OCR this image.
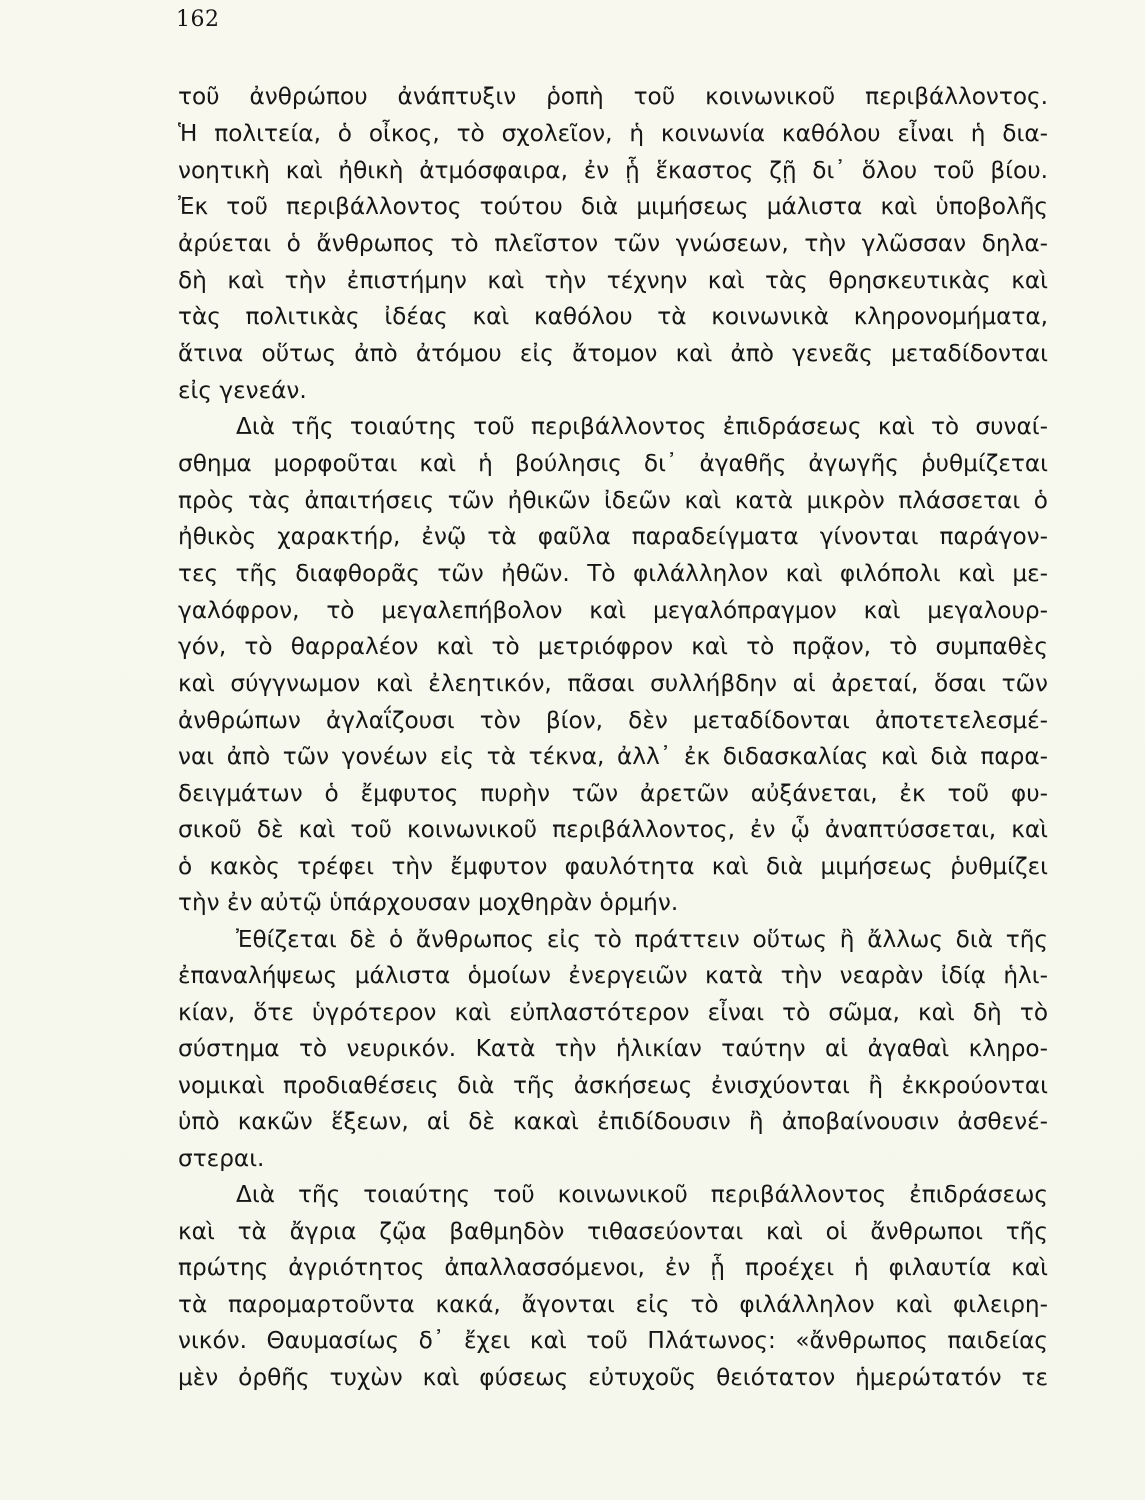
162
τοῦ ἀνθρώπου ἀνάπτυξιν ῥοπὴ τοῦ κοινωνικοῦ περιβάλλοντος.
Ἡ πολιτεία, ὁ οἶκος, τὸ σχολεῖον, ἡ κοινωνία καθόλου εἶναι ἡ δια-
νοητικὴ καὶ ἠθικὴ ἀτμόσφαιρα, ἐν ᾗ ἕκαστος ζῇ δι᾿ ὅλου τοῦ βίου.
Ἐκ τοῦ περιβάλλοντος τούτου διὰ μιμήσεως μάλιστα καὶ ὑποβολῆς
ἀρύεται ὁ ἄνθρωπος τὸ πλεῖστον τῶν γνώσεων, τὴν γλῶσσαν δηλα-
δὴ καὶ τὴν ἐπιστήμην καὶ τὴν τέχνην καὶ τὰς θρησκευτικὰς καὶ
τὰς πολιτικὰς ἰδέας καὶ καθόλου τὰ κοινωνικὰ κληρονομήματα,
ἅτινα οὕτως ἀπὸ ἀτόμου εἰς ἄτομον καὶ ἀπὸ γενεᾶς μεταδίδονται
εἰς γενεάν.
Διὰ τῆς τοιαύτης τοῦ περιβάλλοντος ἐπιδράσεως καὶ τὸ συναί-
σθημα μορφοῦται καὶ ἡ βούλησις δι᾿ ἀγαθῆς ἀγωγῆς ῥυθμίζεται
πρὸς τὰς ἀπαιτήσεις τῶν ἠθικῶν ἰδεῶν καὶ κατὰ μικρὸν πλάσσεται ὁ
ἠθικὸς χαρακτήρ, ἐνῷ τὰ φαῦλα παραδείγματα γίνονται παράγον-
τες τῆς διαφθορᾶς τῶν ἠθῶν. Τὸ φιλάλληλον καὶ φιλόπολι καὶ με-
γαλόφρον, τὸ μεγαλεπήβολον καὶ μεγαλόπραγμον καὶ μεγαλουρ-
γόν, τὸ θαρραλέον καὶ τὸ μετριόφρον καὶ τὸ πρᾷον, τὸ συμπαθὲς
καὶ σύγγνωμον καὶ ἐλεητικόν, πᾶσαι συλλήβδην αἱ ἀρεταί, ὅσαι τῶν
ἀνθρώπων ἀγλαΐζουσι τὸν βίον, δὲν μεταδίδονται ἀποτετελεσμέ-
ναι ἀπὸ τῶν γονέων εἰς τὰ τέκνα, ἀλλ᾿ ἐκ διδασκαλίας καὶ διὰ παρα-
δειγμάτων ὁ ἔμφυτος πυρὴν τῶν ἀρετῶν αὐξάνεται, ἐκ τοῦ φυ-
σικοῦ δὲ καὶ τοῦ κοινωνικοῦ περιβάλλοντος, ἐν ᾧ ἀναπτύσσεται, καὶ
ὁ κακὸς τρέφει τὴν ἔμφυτον φαυλότητα καὶ διὰ μιμήσεως ῥυθμίζει
τὴν ἐν αὐτῷ ὑπάρχουσαν μοχθηρὰν ὁρμήν.
Ἐθίζεται δὲ ὁ ἄνθρωπος εἰς τὸ πράττειν οὕτως ἢ ἄλλως διὰ τῆς
ἐπαναλήψεως μάλιστα ὁμοίων ἐνεργειῶν κατὰ τὴν νεαρὰν ἰδίᾳ ἡλι-
κίαν, ὅτε ὑγρότερον καὶ εὐπλαστότερον εἶναι τὸ σῶμα, καὶ δὴ τὸ
σύστημα τὸ νευρικόν. Κατὰ τὴν ἡλικίαν ταύτην αἱ ἀγαθαὶ κληρο-
νομικαὶ προδιαθέσεις διὰ τῆς ἀσκήσεως ἐνισχύονται ἢ ἐκκρούονται
ὑπὸ κακῶν ἕξεων, αἱ δὲ κακαὶ ἐπιδίδουσιν ἢ ἀποβαίνουσιν ἀσθενέ-
στεραι.
Διὰ τῆς τοιαύτης τοῦ κοινωνικοῦ περιβάλλοντος ἐπιδράσεως
καὶ τὰ ἄγρια ζῷα βαθμηδὸν τιθασεύονται καὶ οἱ ἄνθρωποι τῆς
πρώτης ἀγριότητος ἀπαλλασσόμενοι, ἐν ᾗ προέχει ἡ φιλαυτία καὶ
τὰ παρομαρτοῦντα κακά, ἄγονται εἰς τὸ φιλάλληλον καὶ φιλειρη-
νικόν. Θαυμασίως δ᾿ ἔχει καὶ τοῦ Πλάτωνος: «ἄνθρωπος παιδείας
μὲν ὀρθῆς τυχὼν καὶ φύσεως εὐτυχοῦς θειότατον ἡμερώτατόν τε
